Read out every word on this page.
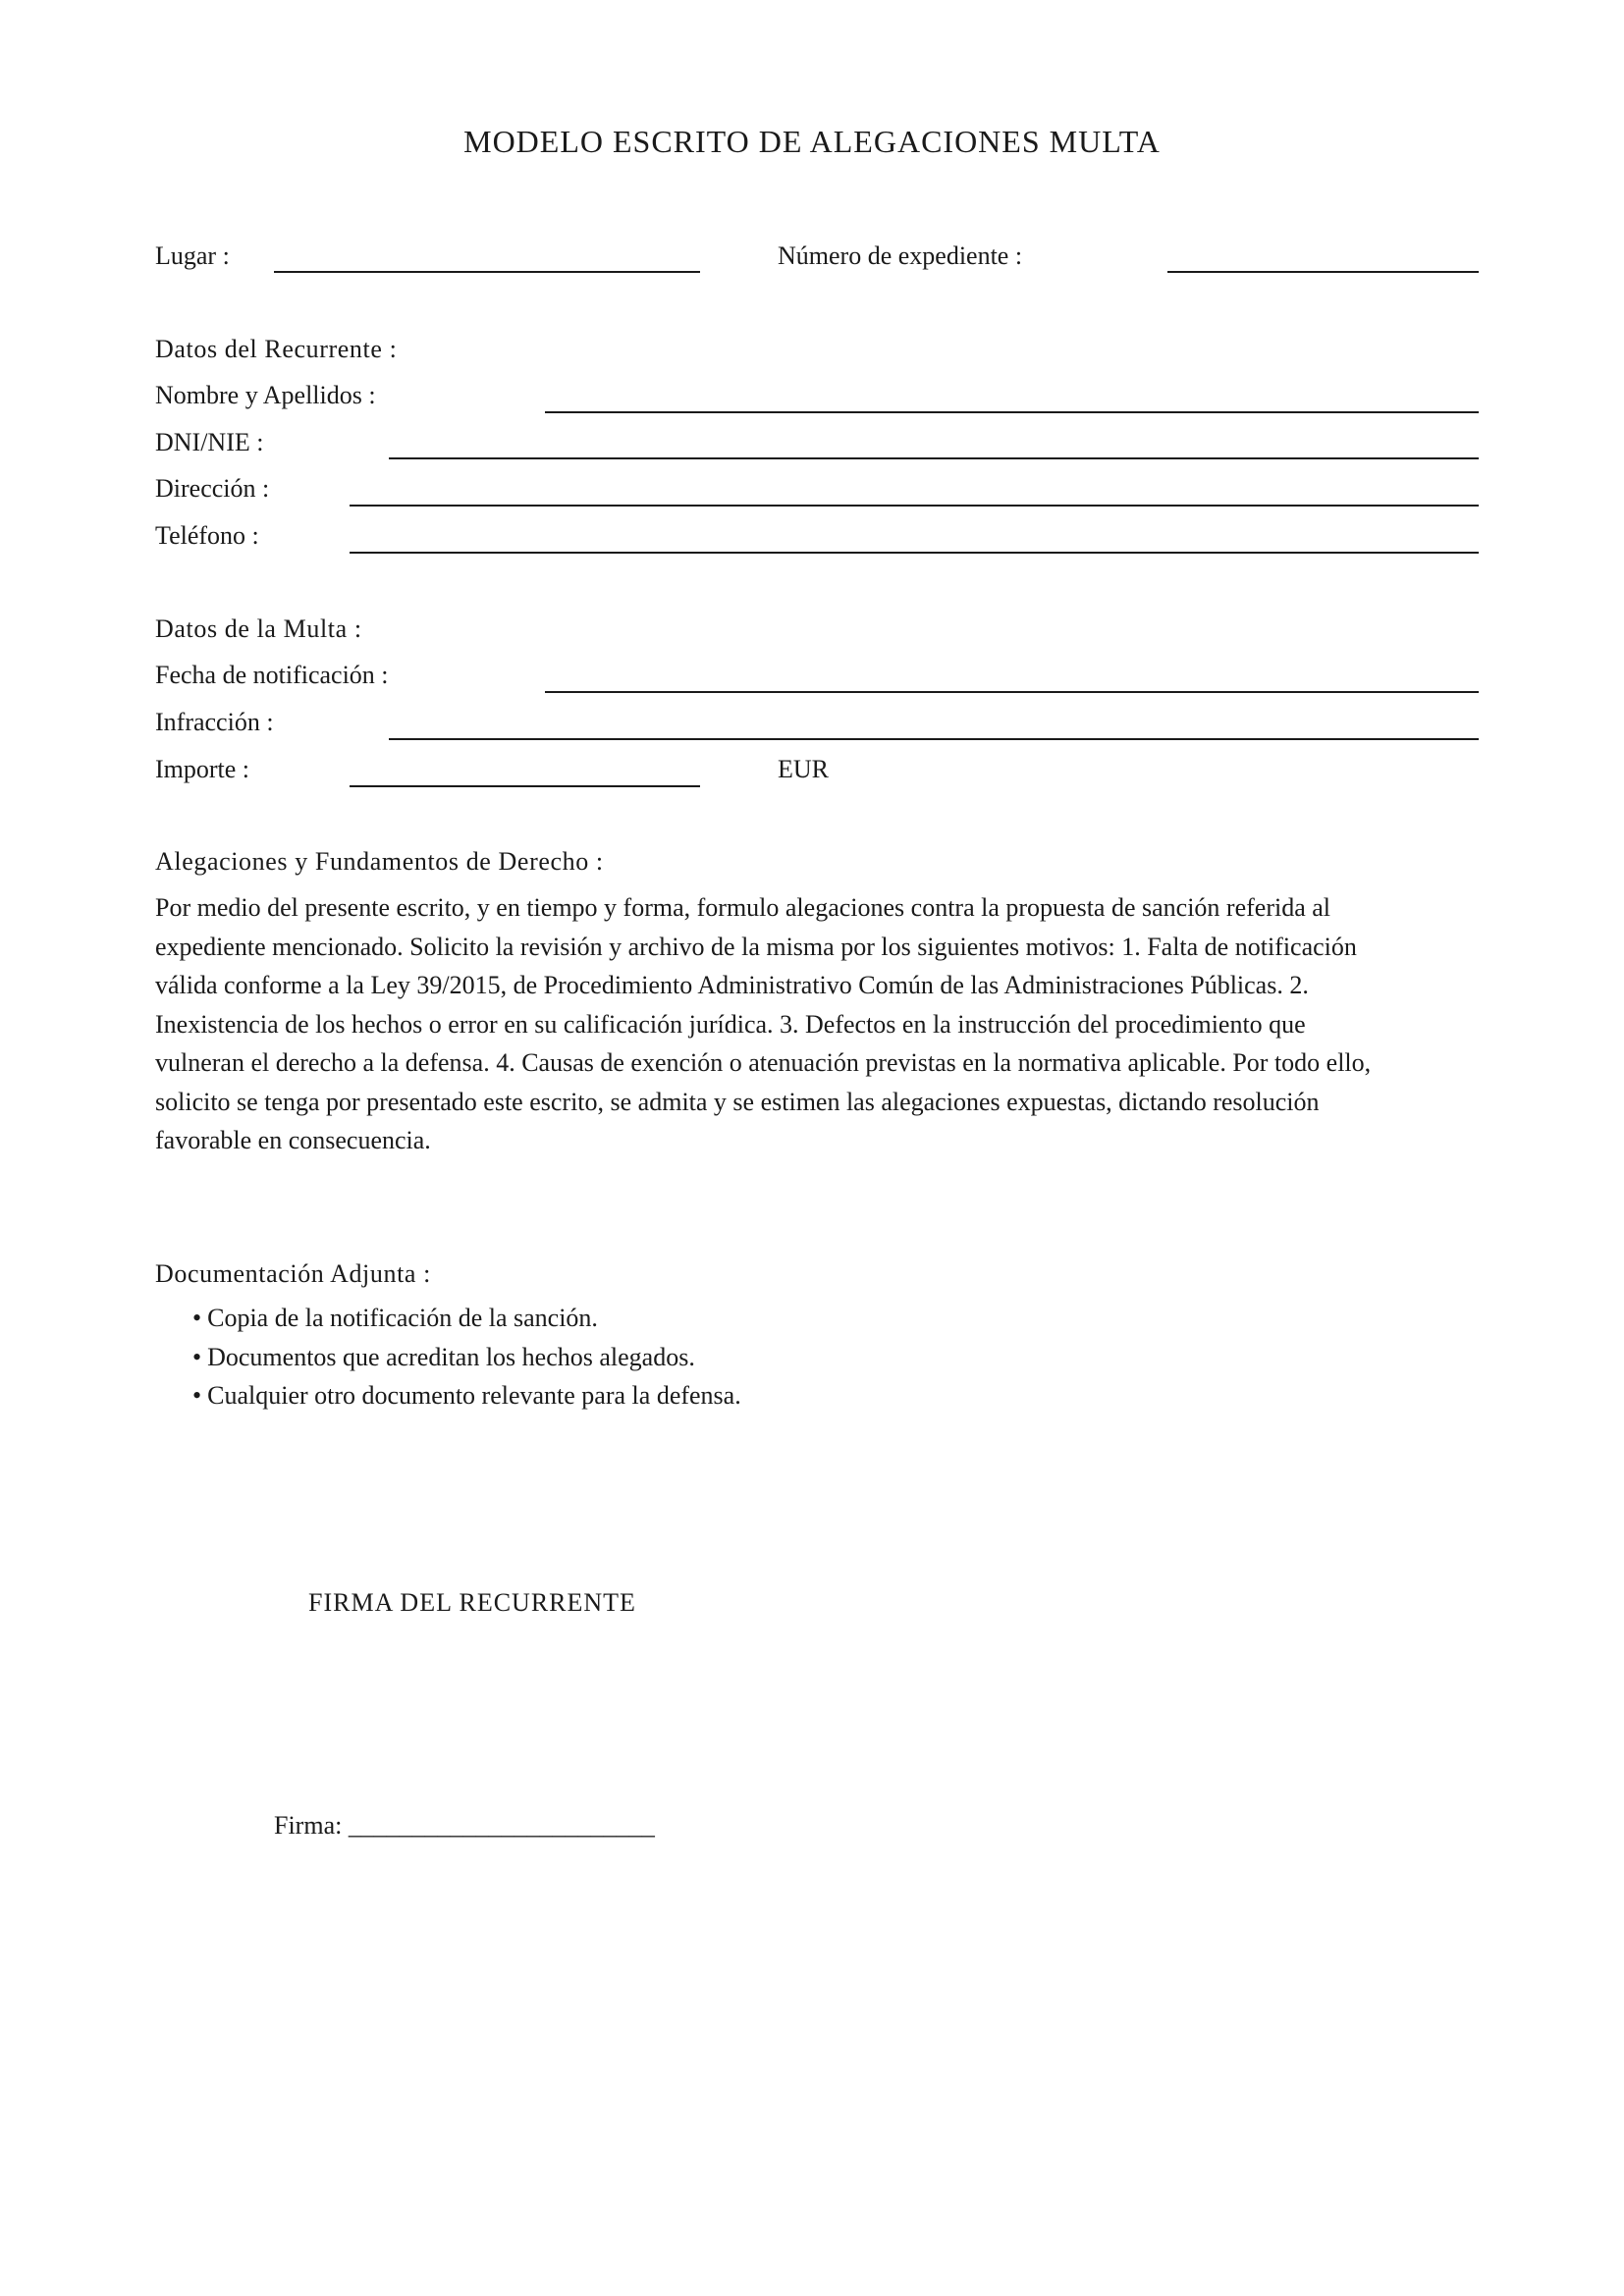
MODELO ESCRITO DE ALEGACIONES MULTA
Lugar :	Número de expediente :
Datos del Recurrente :
Nombre y Apellidos :
DNI/NIE :
Dirección :
Teléfono :
Datos de la Multa :
Fecha de notificación :
Infracción :
Importe :	EUR
Alegaciones y Fundamentos de Derecho :
Por medio del presente escrito, y en tiempo y forma, formulo alegaciones contra la propuesta de sanción referida al
expediente mencionado. Solicito la revisión y archivo de la misma por los siguientes motivos: 1. Falta de notificación
válida conforme a la Ley 39/2015, de Procedimiento Administrativo Común de las Administraciones Públicas. 2.
Inexistencia de los hechos o error en su calificación jurídica. 3. Defectos en la instrucción del procedimiento que
vulneran el derecho a la defensa. 4. Causas de exención o atenuación previstas en la normativa aplicable. Por todo ello,
solicito se tenga por presentado este escrito, se admita y se estimen las alegaciones expuestas, dictando resolución
favorable en consecuencia.
Documentación Adjunta :
• Copia de la notificación de la sanción.
• Documentos que acreditan los hechos alegados.
• Cualquier otro documento relevante para la defensa.
FIRMA DEL RECURRENTE
Firma: ________________________
